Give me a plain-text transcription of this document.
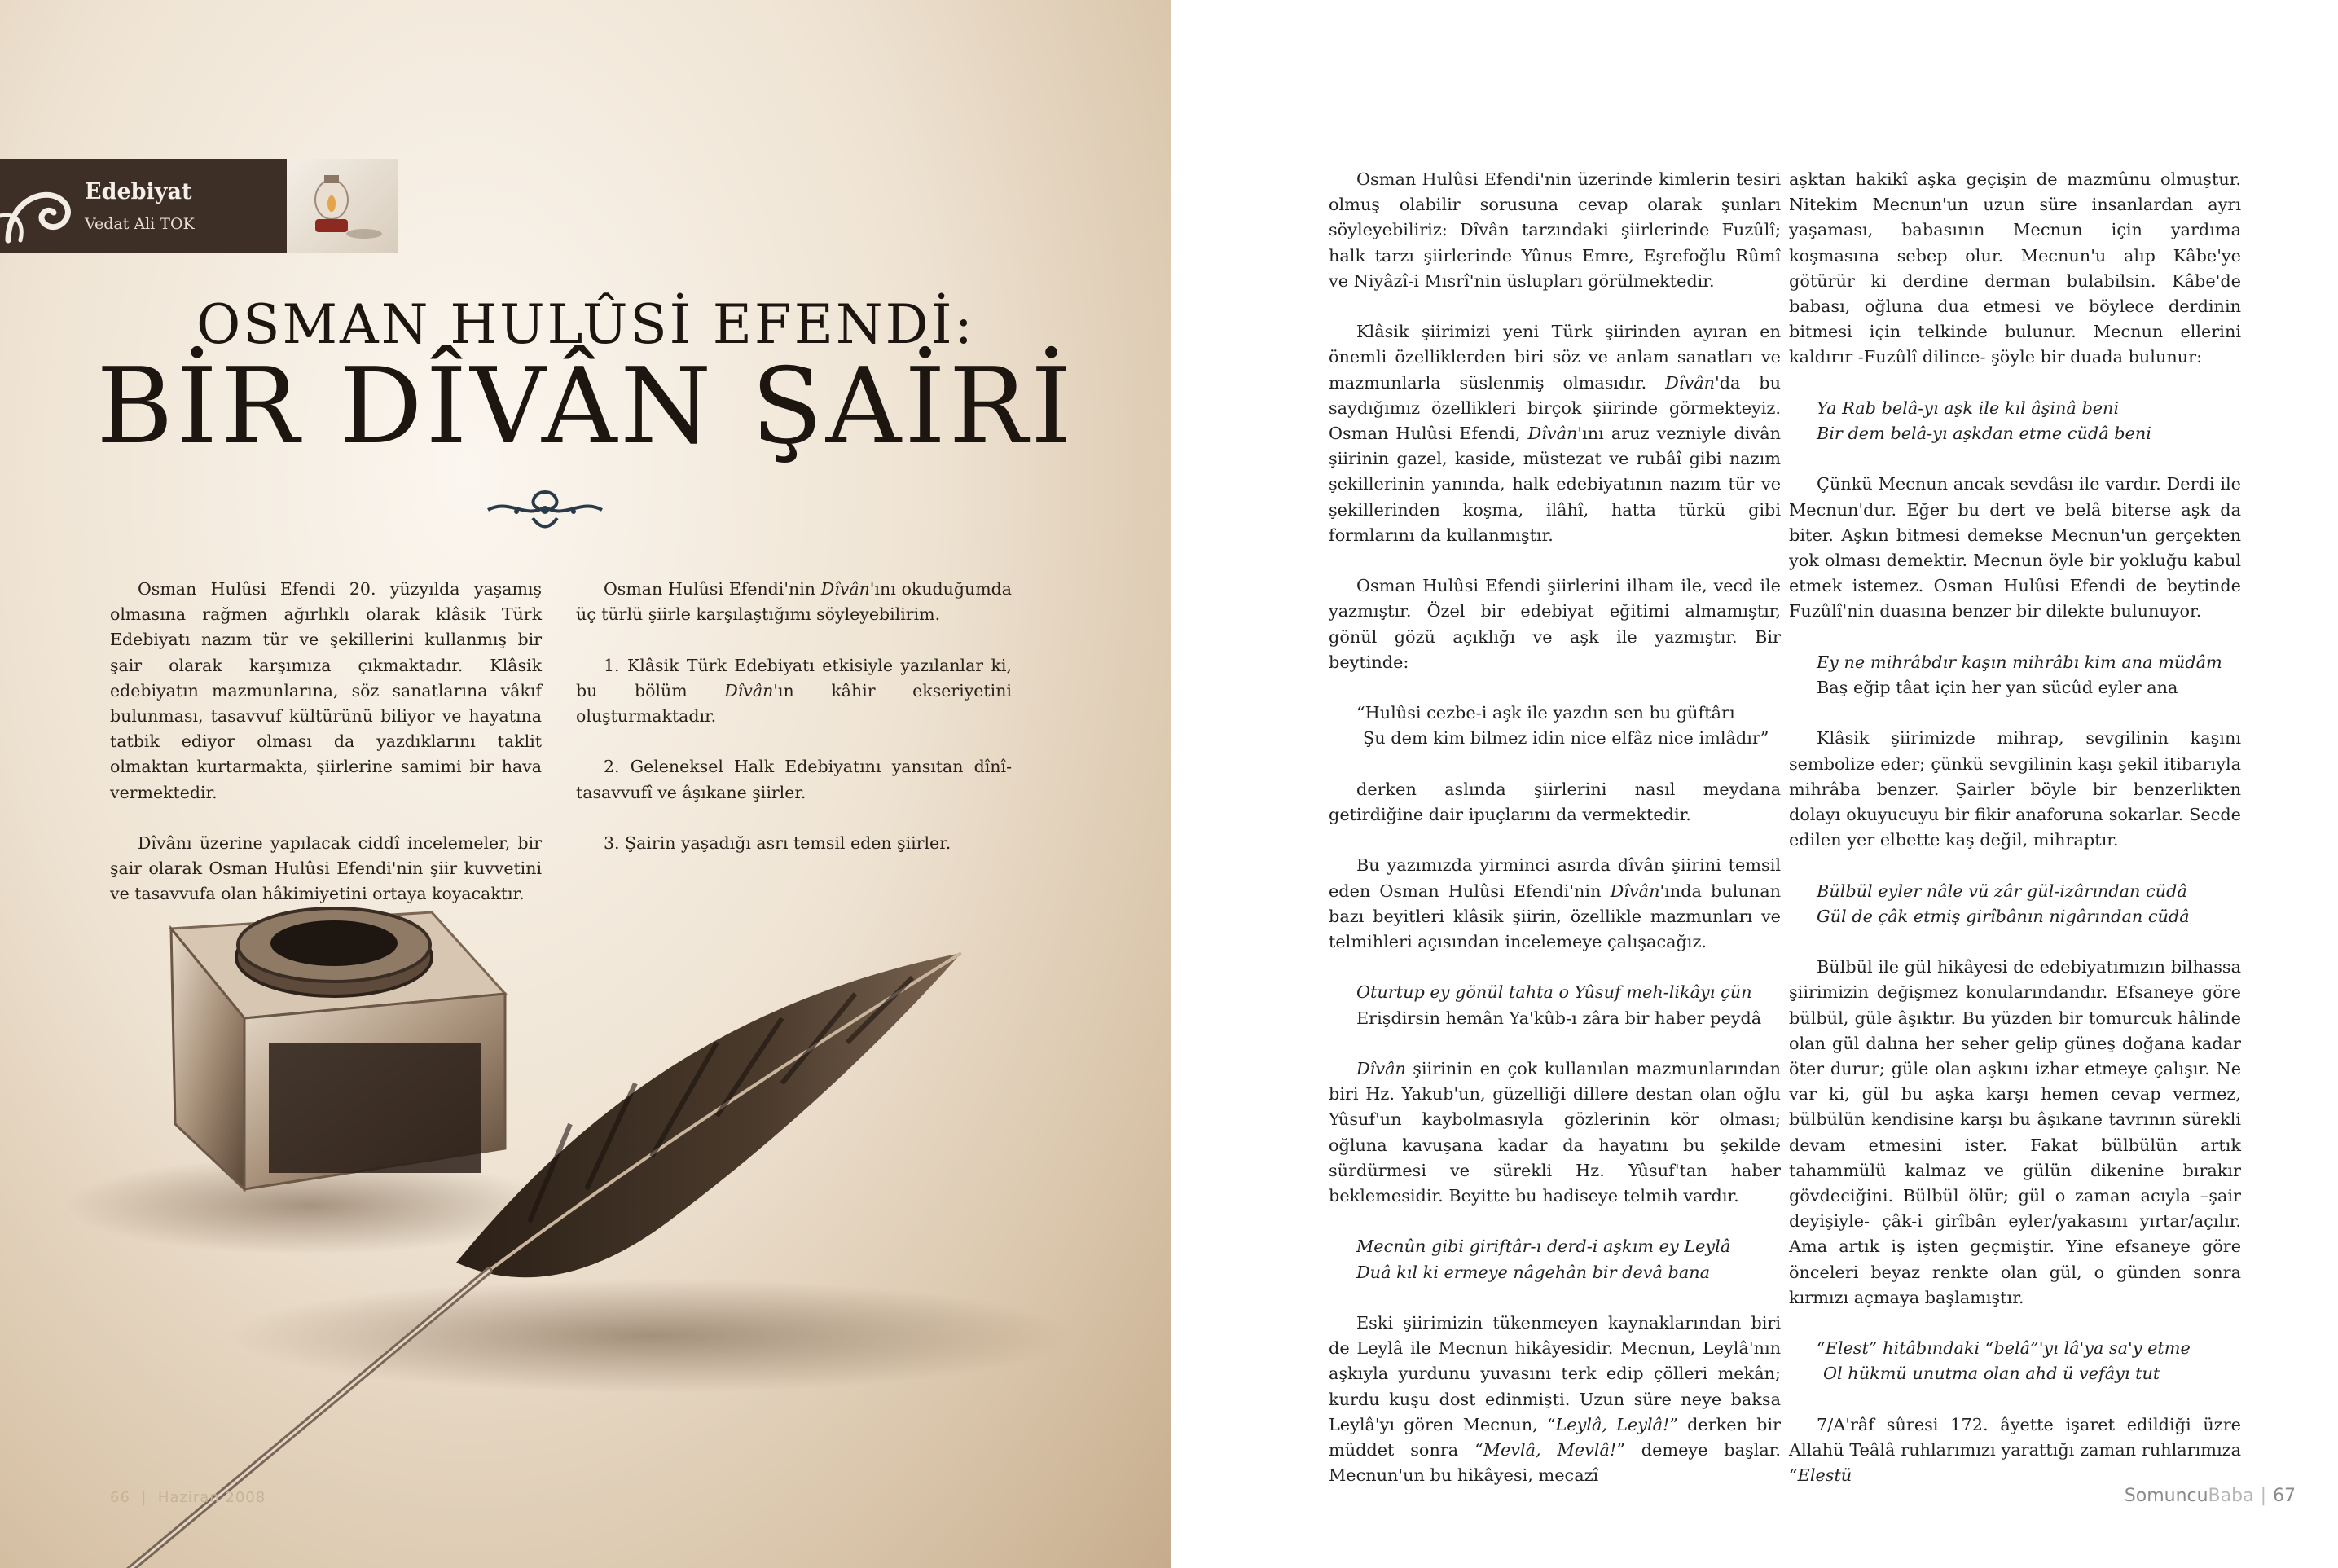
Edebiyat
Vedat Ali TOK
OSMAN HULÛSİ EFENDİ:
BİR DÎVÂN ŞAİRİ

Osman Hulûsi Efendi 20. yüzyılda yaşamış olmasına rağmen ağırlıklı olarak klâsik Türk Edebiyatı nazım tür ve şekillerini kullanmış bir şair olarak karşımıza çıkmaktadır. Klâsik edebiyatın mazmunlarına, söz sanatlarına vâkıf bulunması, tasavvuf kültürünü biliyor ve hayatına tatbik ediyor olması da yazdıklarını taklit olmaktan kurtarmakta, şiirlerine samimi bir hava vermektedir.

Dîvânı üzerine yapılacak ciddî incelemeler, bir şair olarak Osman Hulûsi Efendi'nin şiir kuvvetini ve tasavvufa olan hâkimiyetini ortaya koyacaktır.

Osman Hulûsi Efendi'nin Dîvân'ını okuduğumda üç türlü şiirle karşılaştığımı söyleyebilirim.

1. Klâsik Türk Edebiyatı etkisiyle yazılanlar ki, bu bölüm Dîvân'ın kâhir ekseriyetini oluşturmaktadır.

2. Geleneksel Halk Edebiyatını yansıtan dînî-tasavvufî ve âşıkane şiirler.

3. Şairin yaşadığı asrı temsil eden şiirler.

66  |  Haziran 2008

Osman Hulûsi Efendi'nin üzerinde kimlerin tesiri olmuş olabilir sorusuna cevap olarak şunları söyleyebiliriz: Dîvân tarzındaki şiirlerinde Fuzûlî; halk tarzı şiirlerinde Yûnus Emre, Eşrefoğlu Rûmî ve Niyâzî-i Mısrî'nin üslupları görülmektedir.

Klâsik şiirimizi yeni Türk şiirinden ayıran en önemli özelliklerden biri söz ve anlam sanatları ve mazmunlarla süslenmiş olmasıdır. Dîvân'da bu saydığımız özellikleri birçok şiirinde görmekteyiz. Osman Hulûsi Efendi, Dîvân'ını aruz vezniyle divân şiirinin gazel, kaside, müstezat ve rubâî gibi nazım şekillerinin yanında, halk edebiyatının nazım tür ve şekillerinden koşma, ilâhî, hatta türkü gibi formlarını da kullanmıştır.

Osman Hulûsi Efendi şiirlerini ilham ile, vecd ile yazmıştır. Özel bir edebiyat eğitimi almamıştır, gönül gözü açıklığı ve aşk ile yazmıştır. Bir beytinde:

“Hulûsi cezbe-i aşk ile yazdın sen bu güftârı
Şu dem kim bilmez idin nice elfâz nice imlâdır”

derken aslında şiirlerini nasıl meydana getirdiğine dair ipuçlarını da vermektedir.

Bu yazımızda yirminci asırda dîvân şiirini temsil eden Osman Hulûsi Efendi'nin Dîvân'ında bulunan bazı beyitleri klâsik şiirin, özellikle mazmunları ve telmihleri açısından incelemeye çalışacağız.

Oturtup ey gönül tahta o Yûsuf meh-likâyı çün
Erişdirsin hemân Ya'kûb-ı zâra bir haber peydâ

Dîvân şiirinin en çok kullanılan mazmunlarından biri Hz. Yakub'un, güzelliği dillere destan olan oğlu Yûsuf'un kaybolmasıyla gözlerinin kör olması; oğluna kavuşana kadar da hayatını bu şekilde sürdürmesi ve sürekli Hz. Yûsuf'tan haber beklemesidir. Beyitte bu hadiseye telmih vardır.

Mecnûn gibi giriftâr-ı derd-i aşkım ey Leylâ
Duâ kıl ki ermeye nâgehân bir devâ bana

Eski şiirimizin tükenmeyen kaynaklarından biri de Leylâ ile Mecnun hikâyesidir. Mecnun, Leylâ'nın aşkıyla yurdunu yuvasını terk edip çölleri mekân; kurdu kuşu dost edinmişti. Uzun süre neye baksa Leylâ'yı gören Mecnun, “Leylâ, Leylâ!” derken bir müddet sonra “Mevlâ, Mevlâ!” demeye başlar. Mecnun'un bu hikâyesi, mecazî

aşktan hakikî aşka geçişin de mazmûnu olmuştur. Nitekim Mecnun'un uzun süre insanlardan ayrı yaşaması, babasının Mecnun için yardıma koşmasına sebep olur. Mecnun'u alıp Kâbe'ye götürür ki derdine derman bulabilsin. Kâbe'de babası, oğluna dua etmesi ve böylece derdinin bitmesi için telkinde bulunur. Mecnun ellerini kaldırır -Fuzûlî dilince- şöyle bir duada bulunur:

Ya Rab belâ-yı aşk ile kıl âşinâ beni
Bir dem belâ-yı aşkdan etme cüdâ beni

Çünkü Mecnun ancak sevdâsı ile vardır. Derdi ile Mecnun'dur. Eğer bu dert ve belâ biterse aşk da biter. Aşkın bitmesi demekse Mecnun'un gerçekten yok olması demektir. Mecnun öyle bir yokluğu kabul etmek istemez. Osman Hulûsi Efendi de beytinde Fuzûlî'nin duasına benzer bir dilekte bulunuyor.

Ey ne mihrâbdır kaşın mihrâbı kim ana müdâm
Baş eğip tâat için her yan sücûd eyler ana

Klâsik şiirimizde mihrap, sevgilinin kaşını sembolize eder; çünkü sevgilinin kaşı şekil itibarıyla mihrâba benzer. Şairler böyle bir benzerlikten dolayı okuyucuyu bir fikir anaforuna sokarlar. Secde edilen yer elbette kaş değil, mihraptır.

Bülbül eyler nâle vü zâr gül-izârından cüdâ
Gül de çâk etmiş girîbânın nigârından cüdâ

Bülbül ile gül hikâyesi de edebiyatımızın bilhassa şiirimizin değişmez konularındandır. Efsaneye göre bülbül, güle âşıktır. Bu yüzden bir tomurcuk hâlinde olan gül dalına her seher gelip güneş doğana kadar öter durur; güle olan aşkını izhar etmeye çalışır. Ne var ki, gül bu aşka karşı hemen cevap vermez, bülbülün kendisine karşı bu âşıkane tavrının sürekli devam etmesini ister. Fakat bülbülün artık tahammülü kalmaz ve gülün dikenine bırakır gövdeciğini. Bülbül ölür; gül o zaman acıyla –şair deyişiyle- çâk-i girîbân eyler/yakasını yırtar/açılır. Ama artık iş işten geçmiştir. Yine efsaneye göre önceleri beyaz renkte olan gül, o günden sonra kırmızı açmaya başlamıştır.

“Elest” hitâbındaki “belâ”'yı lâ'ya sa'y etme
Ol hükmü unutma olan ahd ü vefâyı tut

7/A'râf sûresi 172. âyette işaret edildiği üzre Allahü Teâlâ ruhlarımızı yarattığı zaman ruhlarımıza “Elestü

SomuncuBaba | 67
